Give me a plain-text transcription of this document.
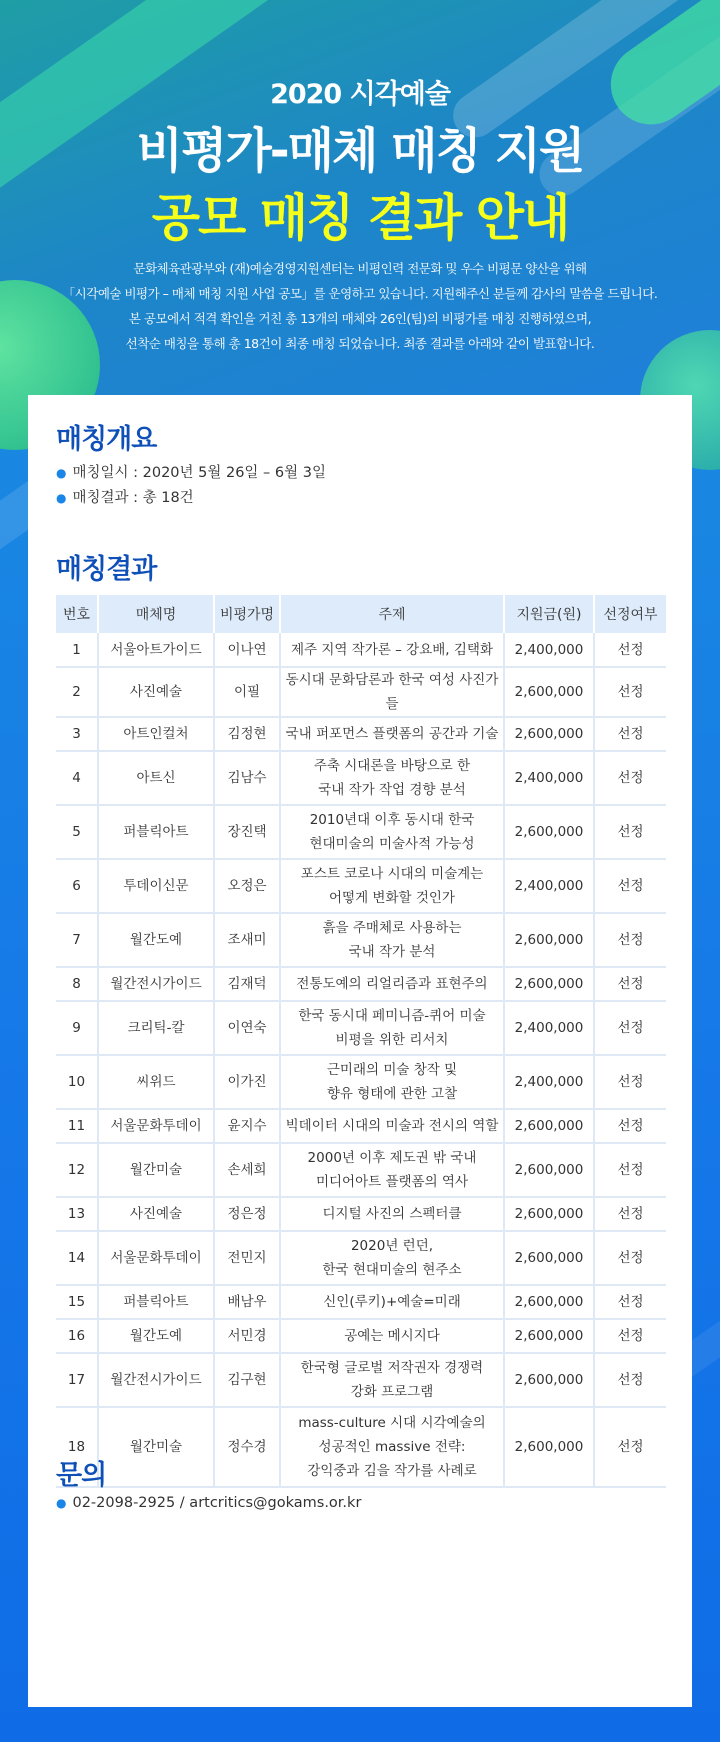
2020 시각예술
비평가-매체 매칭 지원
공모 매칭 결과 안내
문화체육관광부와 (재)예술경영지원센터는 비평인력 전문화 및 우수 비평문 양산을 위해
「시각예술 비평가 – 매체 매칭 지원 사업 공모」를 운영하고 있습니다. 지원해주신 분들께 감사의 말씀을 드립니다.
본 공모에서 적격 확인을 거친 총 13개의 매체와 26인(팀)의 비평가를 매칭 진행하였으며,
선착순 매칭을 통해 총 18건이 최종 매칭 되었습니다. 최종 결과를 아래와 같이 발표합니다.
매칭개요
● 매칭일시 : 2020년 5월 26일 – 6월 3일
● 매칭결과 : 총 18건
매칭결과
번호	매체명	비평가명	주제	지원금(원)	선정여부
1	서울아트가이드	이나연	제주 지역 작가론 – 강요배, 김택화	2,400,000	선정
2	사진예술	이필	동시대 문화담론과 한국 여성 사진가들	2,600,000	선정
3	아트인컬처	김정현	국내 퍼포먼스 플랫폼의 공간과 기술	2,600,000	선정
4	아트신	김남수	주축 시대론을 바탕으로 한
국내 작가 작업 경향 분석	2,400,000	선정
5	퍼블릭아트	장진택	2010년대 이후 동시대 한국
현대미술의 미술사적 가능성	2,600,000	선정
6	투데이신문	오정은	포스트 코로나 시대의 미술계는
어떻게 변화할 것인가	2,400,000	선정
7	월간도예	조새미	흙을 주매체로 사용하는
국내 작가 분석	2,600,000	선정
8	월간전시가이드	김재덕	전통도예의 리얼리즘과 표현주의	2,600,000	선정
9	크리틱-칼	이연숙	한국 동시대 페미니즘-퀴어 미술
비평을 위한 리서치	2,400,000	선정
10	씨위드	이가진	근미래의 미술 창작 및
향유 형태에 관한 고찰	2,400,000	선정
11	서울문화투데이	윤지수	빅데이터 시대의 미술과 전시의 역할	2,600,000	선정
12	월간미술	손세희	2000년 이후 제도권 밖 국내
미디어아트 플랫폼의 역사	2,600,000	선정
13	사진예술	정은정	디지털 사진의 스펙터클	2,600,000	선정
14	서울문화투데이	전민지	2020년 런던,
한국 현대미술의 현주소	2,600,000	선정
15	퍼블릭아트	배남우	신인(루키)+예술=미래	2,600,000	선정
16	월간도예	서민경	공예는 메시지다	2,600,000	선정
17	월간전시가이드	김구현	한국형 글로벌 저작권자 경쟁력
강화 프로그램	2,600,000	선정
18	월간미술	정수경	mass-culture 시대 시각예술의
성공적인 massive 전략:
강익중과 김을 작가를 사례로	2,600,000	선정
문의
● 02-2098-2925 / artcritics@gokams.or.kr
